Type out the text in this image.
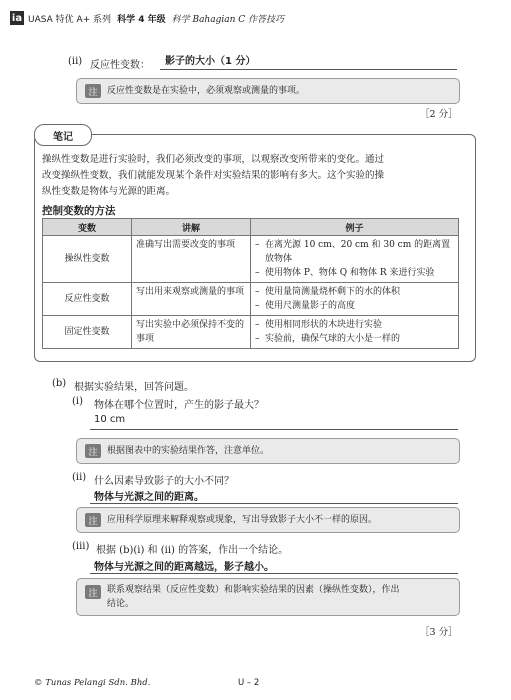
ia UASA 特优 A+ 系列 科学 4 年级 科学 Bahagian C 作答技巧
(ii) 反应性变数： 影子的大小（1 分）
注	反应性变数是在实验中，必须观察或测量的事项。
［2 分］
笔记
操纵性变数是进行实验时，我们必须改变的事项，以观察改变所带来的变化。通过
改变操纵性变数，我们就能发现某个条件对实验结果的影响有多大。这个实验的操
纵性变数是物体与光源的距离。
控制变数的方法
变数	讲解	例子
操纵性变数	准确写出需要改变的事项	– 在离光源 10 cm、20 cm 和 30 cm 的距离置放物体
– 使用物体 P、物体 Q 和物体 R 来进行实验

反应性变数	写出用来观察或测量的事项	– 使用量筒测量烧杯剩下的水的体积
– 使用尺测量影子的高度

固定性变数	写出实验中必须保持不变的事项	– 使用相同形状的木块进行实验
– 实验前，确保气球的大小是一样的
(b) 根据实验结果，回答问题。
(i) 物体在哪个位置时，产生的影子最大？
10 cm
注	根据图表中的实验结果作答，注意单位。
(ii) 什么因素导致影子的大小不同？
物体与光源之间的距离。
注	应用科学原理来解释观察或现象，写出导致影子大小不一样的原因。
(iii) 根据 (b)(i) 和 (ii) 的答案，作出一个结论。
物体与光源之间的距离越远，影子越小。
注	联系观察结果（反应性变数）和影响实验结果的因素（操纵性变数），作出
结论。
［3 分］
© Tunas Pelangi Sdn. Bhd.	U – 2
